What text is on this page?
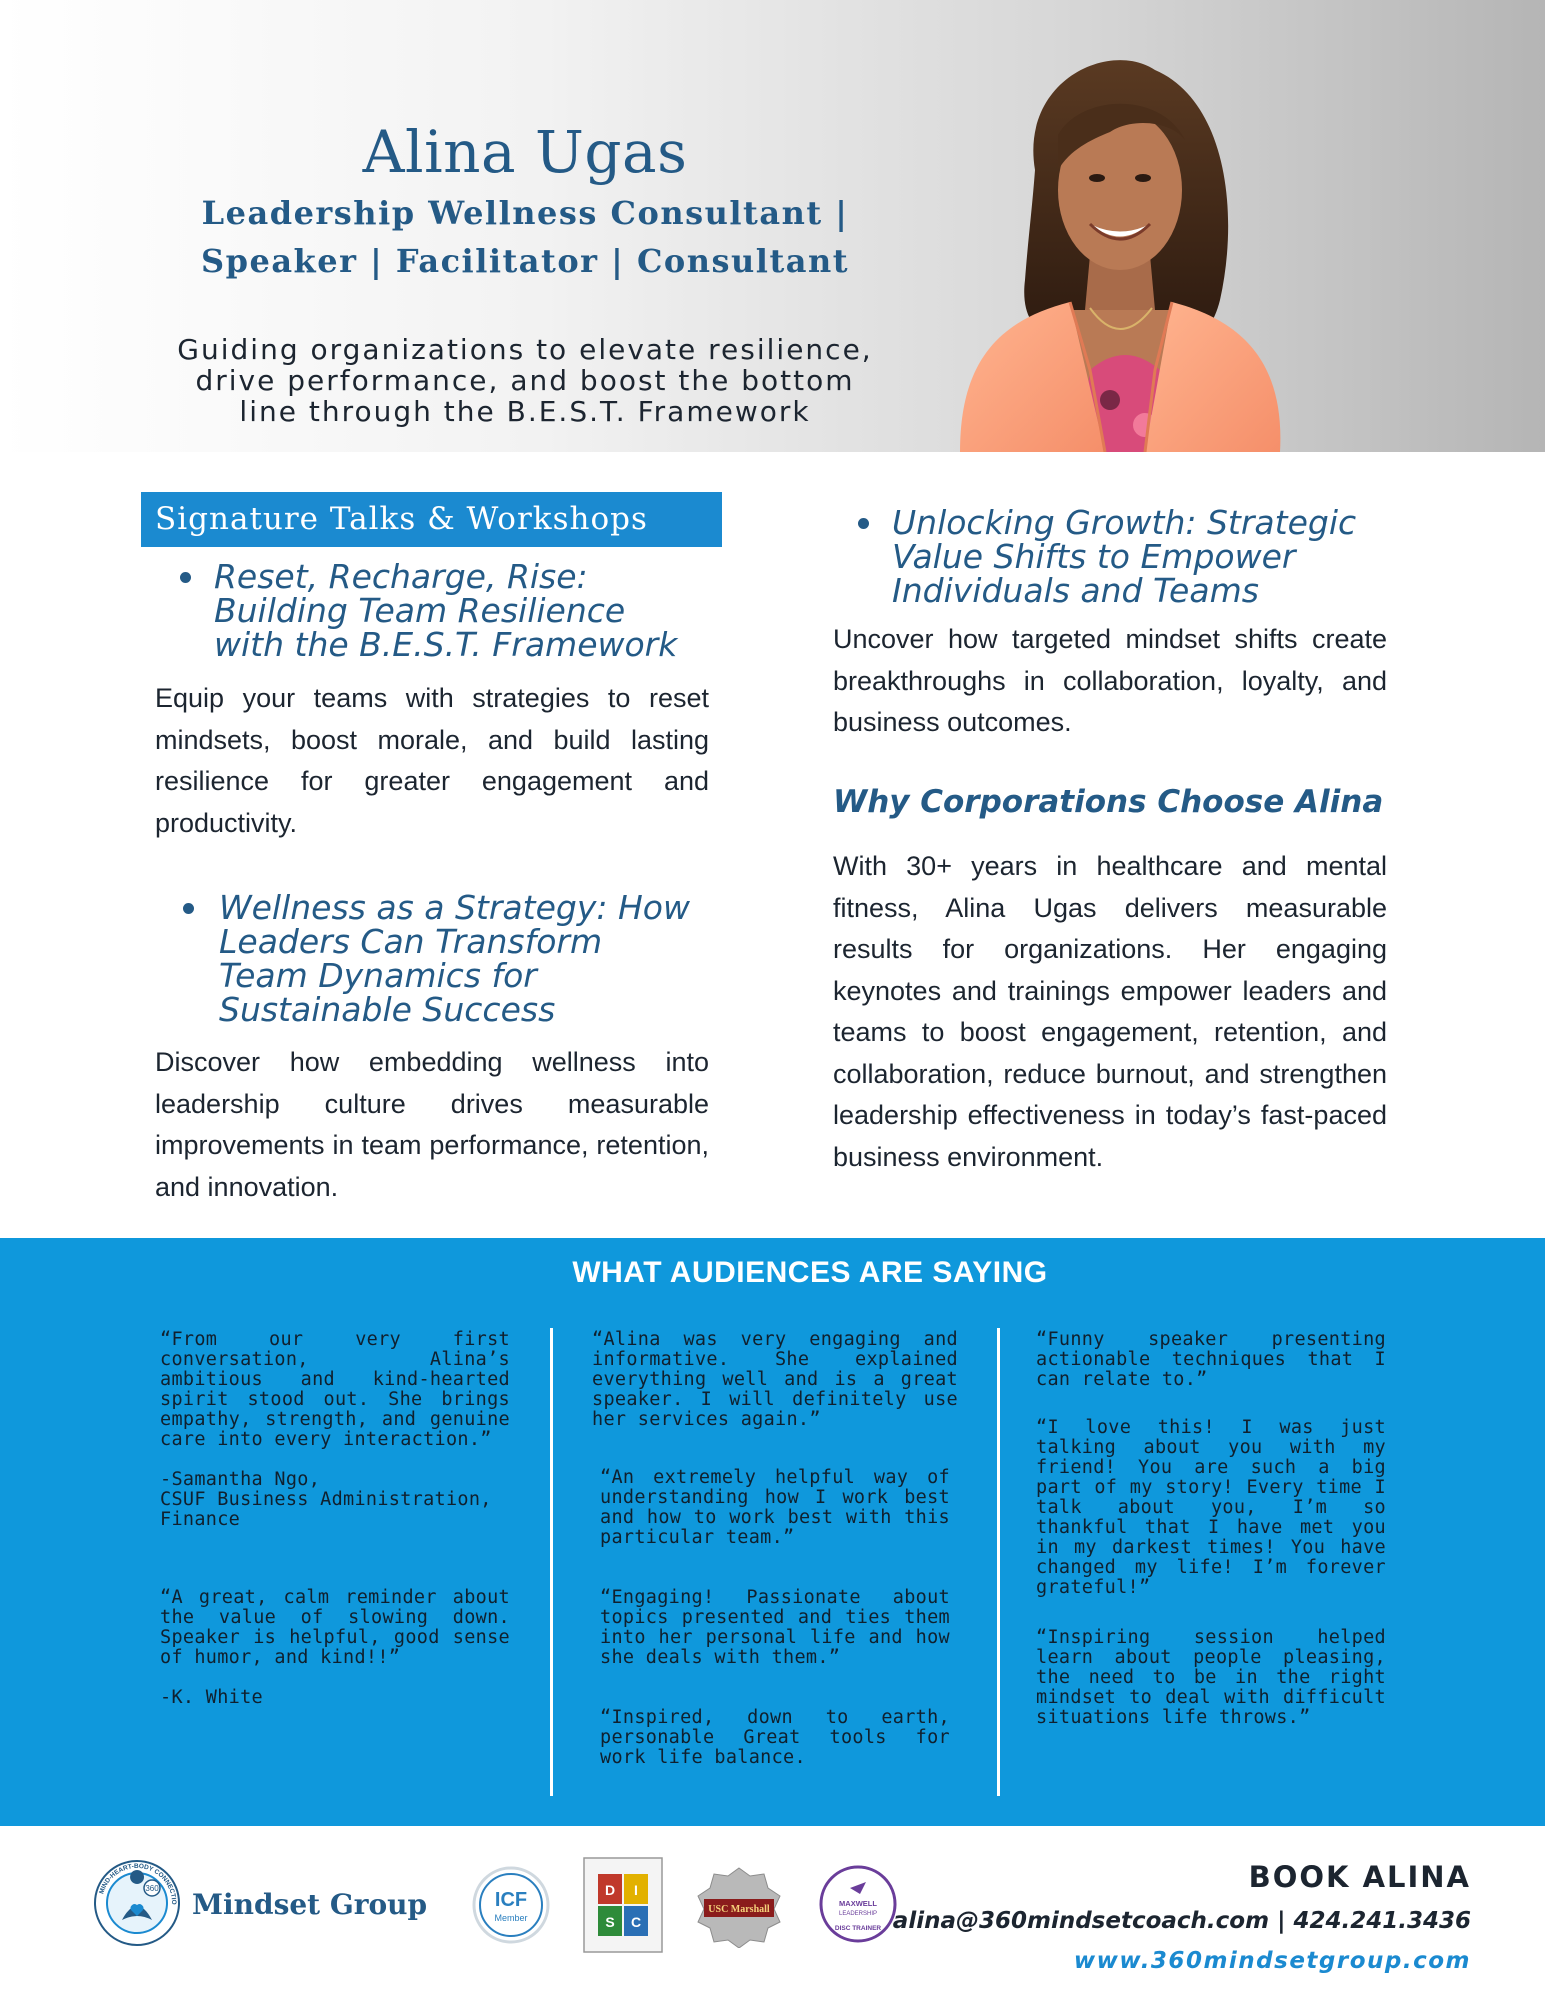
Alina Ugas
Leadership Wellness Consultant |
Speaker | Facilitator | Consultant
Guiding organizations to elevate resilience,
drive performance, and boost the bottom
line through the B.E.S.T. Framework
Signature Talks & Workshops
Reset, Recharge, Rise:
Building Team Resilience
with the B.E.S.T. Framework
Equip your teams with strategies to reset mindsets, boost morale, and build lasting resilience for greater engagement and productivity.
Wellness as a Strategy: How
Leaders Can Transform
Team Dynamics for
Sustainable Success
Discover how embedding wellness into leadership culture drives measurable improvements in team performance, retention, and innovation.
Unlocking Growth: Strategic
Value Shifts to Empower
Individuals and Teams
Uncover how targeted mindset shifts create breakthroughs in collaboration, loyalty, and business outcomes.
Why Corporations Choose Alina
With 30+ years in healthcare and mental fitness, Alina Ugas delivers measurable results for organizations. Her engaging keynotes and trainings empower leaders and teams to boost engagement, retention, and collaboration, reduce burnout, and strengthen leadership effectiveness in today’s fast-paced business environment.
WHAT AUDIENCES ARE SAYING
“From our very first conversation, Alina’s ambitious and kind-hearted spirit stood out. She brings empathy, strength, and genuine care into every interaction.”
-Samantha Ngo,
CSUF Business Administration,
Finance
“A great, calm reminder about the value of slowing down. Speaker is helpful, good sense of humor, and kind!!”
-K. White
“Alina was very engaging and informative. She explained everything well and is a great speaker. I will definitely use her services again.”
“An extremely helpful way of understanding how I work best and how to work best with this particular team.”
“Engaging! Passionate about topics presented and ties them into her personal life and how she deals with them.”
“Inspired, down to earth, personable Great tools for work life balance.
“Funny speaker presenting actionable techniques that I can relate to.”
“I love this! I was just talking about you with my friend! You are such a big part of my story! Every time I talk about you, I’m so thankful that I have met you in my darkest times! You have changed my life! I’m forever grateful!”
“Inspiring session helped learn about people pleasing, the need to be in the right mindset to deal with difficult situations life throws.”
360
MIND-HEART-BODY CONNECTIO Mindset Group	ICF
Member
D I
S C
USC Marshall
MAXWELL
LEADERSHIP
DISC TRAINER
BOOK ALINA
alina@360mindsetcoach.com | 424.241.3436
www.360mindsetgroup.com
